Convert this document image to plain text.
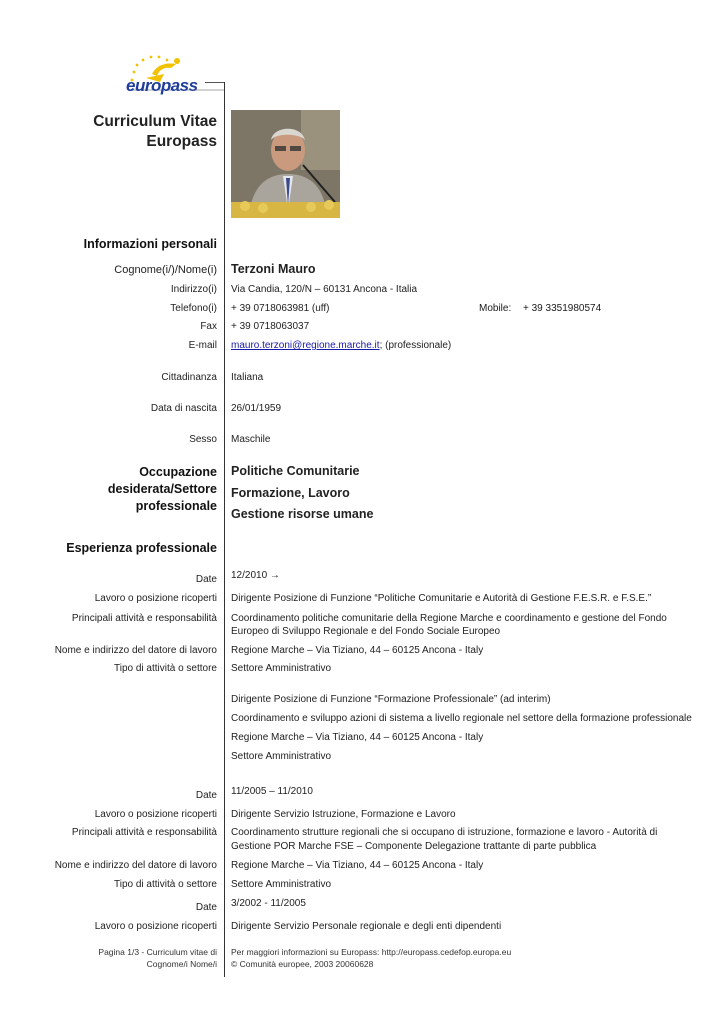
europass
Curriculum Vitae
Europass
Informazioni personali
Cognome(i/)/Nome(i) Terzoni Mauro
Indirizzo(i) Via Candia, 120/N – 60131 Ancona - Italia
Telefono(i) + 39 0718063981 (uff)	Mobile: + 39 3351980574
Fax + 39 0718063037
E-mail mauro.terzoni@regione.marche.it; (professionale)
Cittadinanza Italiana
Data di nascita 26/01/1959
Sesso Maschile
Occupazione
desiderata/Settore
professionale
Politiche Comunitarie
Formazione, Lavoro
Gestione risorse umane
Esperienza professionale
Date 12/2010 →
Lavoro o posizione ricoperti Dirigente Posizione di Funzione “Politiche Comunitarie e Autorità di Gestione F.E.S.R. e F.S.E.”
Principali attività e responsabilità Coordinamento politiche comunitarie della Regione Marche e coordinamento e gestione del Fondo
Europeo di Sviluppo Regionale e del Fondo Sociale Europeo
Nome e indirizzo del datore di lavoro Regione Marche – Via Tiziano, 44 – 60125 Ancona - Italy
Tipo di attività o settore Settore Amministrativo
Dirigente Posizione di Funzione “Formazione Professionale” (ad interim)
Coordinamento e sviluppo azioni di sistema a livello regionale nel settore della formazione professionale
Regione Marche – Via Tiziano, 44 – 60125 Ancona - Italy
Settore Amministrativo
Date 11/2005 – 11/2010
Lavoro o posizione ricoperti Dirigente Servizio Istruzione, Formazione e Lavoro
Principali attività e responsabilità Coordinamento strutture regionali che si occupano di istruzione, formazione e lavoro - Autorità di
Gestione POR Marche FSE – Componente Delegazione trattante di parte pubblica
Nome e indirizzo del datore di lavoro Regione Marche – Via Tiziano, 44 – 60125 Ancona - Italy
Tipo di attività o settore Settore Amministrativo
Date 3/2002 - 11/2005
Lavoro o posizione ricoperti Dirigente Servizio Personale regionale e degli enti dipendenti
Pagina 1/3 - Curriculum vitae di
Cognome/i Nome/i
Per maggiori informazioni su Europass: http://europass.cedefop.europa.eu
© Comunità europee, 2003 20060628
